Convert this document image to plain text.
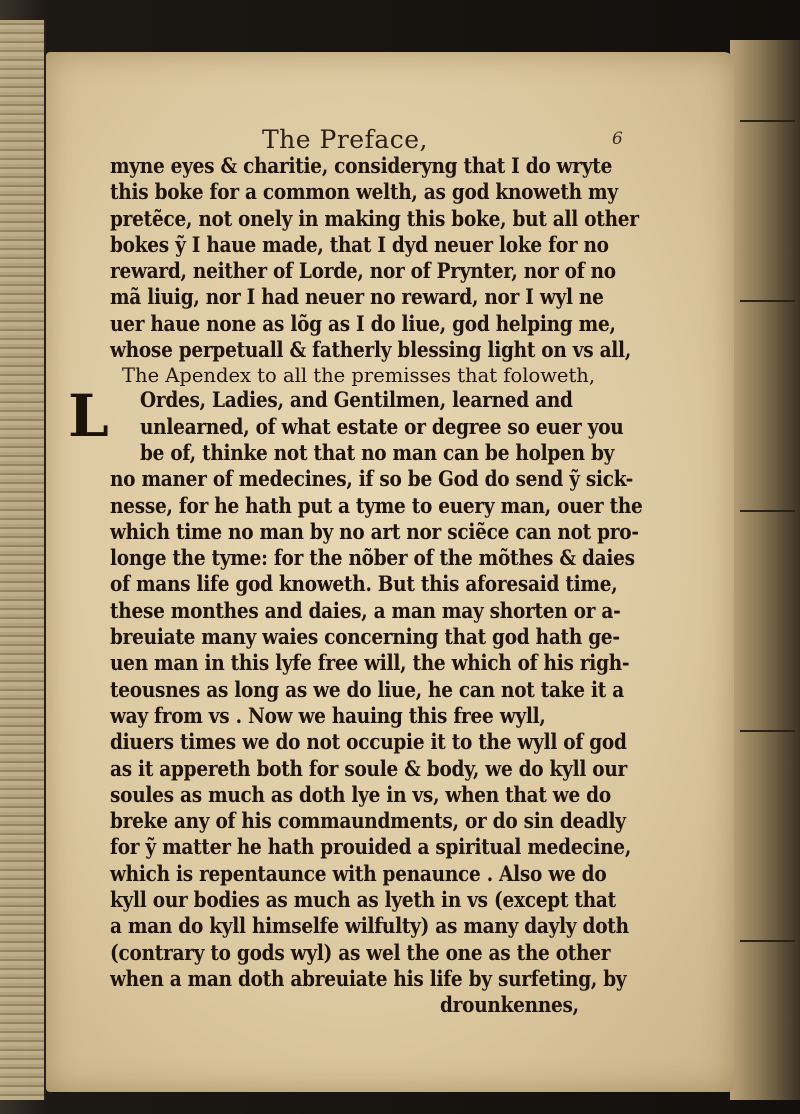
The Preface,	6
myne eyes & charitie, consideryng that I do wryte
this boke for a common welth, as god knoweth my
pretẽce, not onely in making this boke, but all other
bokes ỹ I haue made, that I dyd neuer loke for no
reward, neither of Lorde, nor of Prynter, nor of no
mã liuig, nor I had neuer no reward, nor I wyl ne
uer haue none as lõg as I do liue, god helping me,
whose perpetuall & fatherly blessing light on vs all,
The Apendex to all the premisses that foloweth,
L Ordes, Ladies, and Gentilmen, learned and
unlearned, of what estate or degree so euer you
be of, thinke not that no man can be holpen by
no maner of medecines, if so be God do send ỹ sick-
nesse, for he hath put a tyme to euery man, ouer the
which time no man by no art nor sciẽce can not pro-
longe the tyme: for the nõber of the mõthes & daies
of mans life god knoweth. But this aforesaid time,
these monthes and daies, a man may shorten or a-
breuiate many waies concerning that god hath ge-
uen man in this lyfe free will, the which of his righ-
teousnes as long as we do liue, he can not take it a
way from vs . Now we hauing this free wyll,
diuers times we do not occupie it to the wyll of god
as it appereth both for soule & body, we do kyll our
soules as much as doth lye in vs, when that we do
breke any of his commaundments, or do sin deadly
for ỹ matter he hath prouided a spiritual medecine,
which is repentaunce with penaunce . Also we do
kyll our bodies as much as lyeth in vs (except that
a man do kyll himselfe wilfulty) as many dayly doth
(contrary to gods wyl) as wel the one as the other
when a man doth abreuiate his life by surfeting, by
drounkennes,
